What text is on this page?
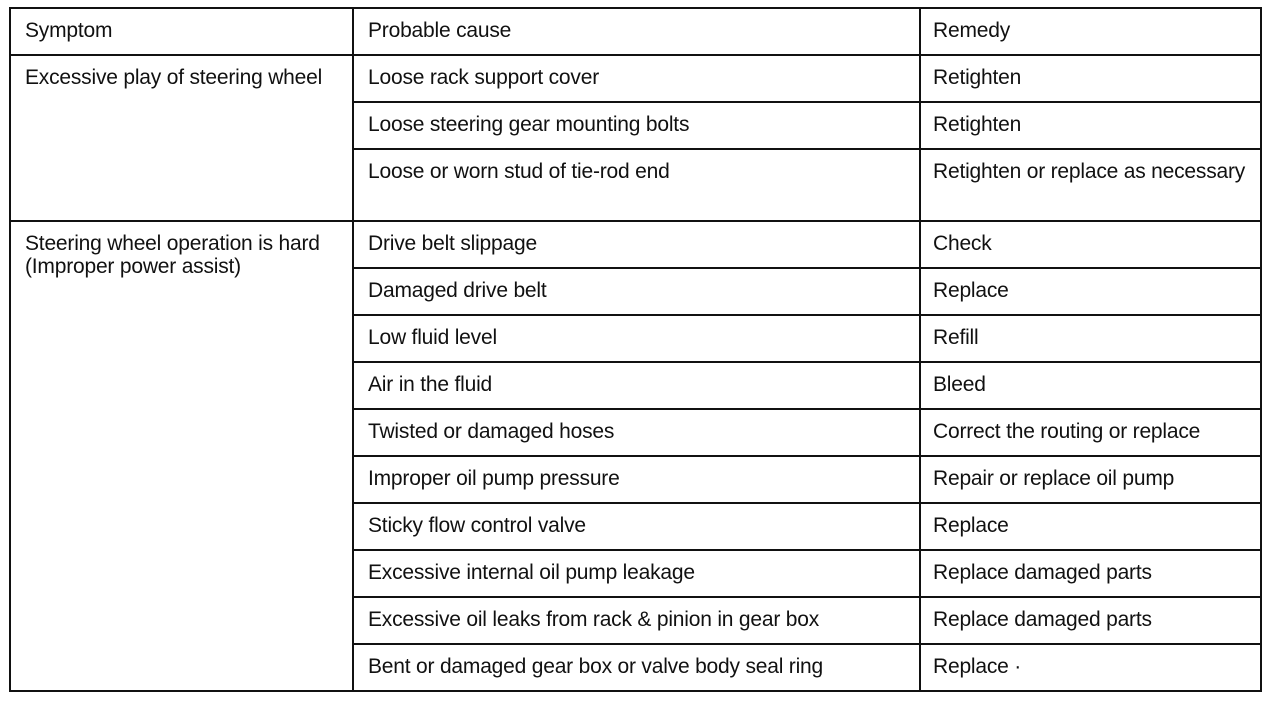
Symptom	Probable cause	Remedy
Excessive play of steering wheel	Loose rack support cover	Retighten
	Loose steering gear mounting bolts	Retighten
	Loose or worn stud of tie-rod end	Retighten or replace as necessary
Steering wheel operation is hard (Improper power assist)	Drive belt slippage	Check
	Damaged drive belt	Replace
	Low fluid level	Refill
	Air in the fluid	Bleed
	Twisted or damaged hoses	Correct the routing or replace
	Improper oil pump pressure	Repair or replace oil pump
	Sticky flow control valve	Replace
	Excessive internal oil pump leakage	Replace damaged parts
	Excessive oil leaks from rack & pinion in gear box	Replace damaged parts
	Bent or damaged gear box or valve body seal ring	Replace ·
